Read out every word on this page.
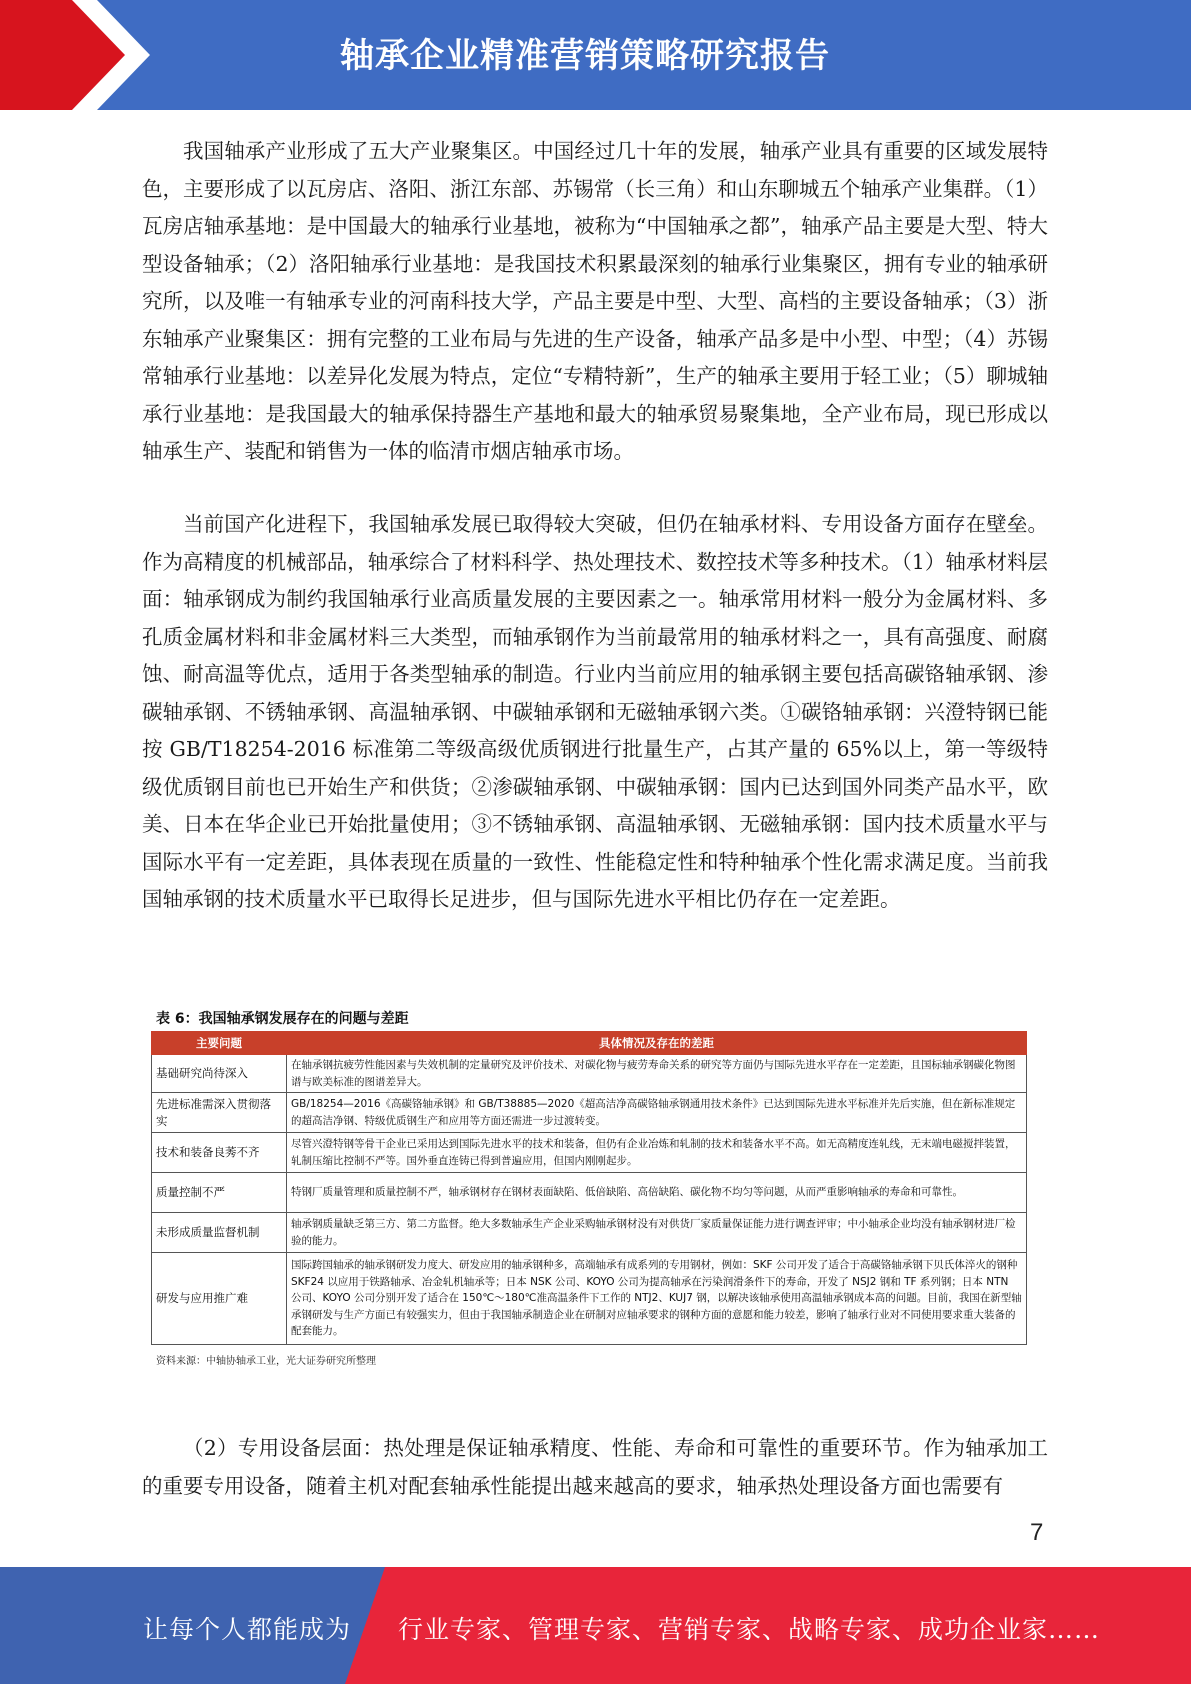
轴承企业精准营销策略研究报告

我国轴承产业形成了五大产业聚集区。中国经过几十年的发展，轴承产业具有重要的区域发展特色，主要形成了以瓦房店、洛阳、浙江东部、苏锡常（长三角）和山东聊城五个轴承产业集群。（1）瓦房店轴承基地：是中国最大的轴承行业基地，被称为“中国轴承之都”，轴承产品主要是大型、特大型设备轴承；（2）洛阳轴承行业基地：是我国技术积累最深刻的轴承行业集聚区，拥有专业的轴承研究所，以及唯一有轴承专业的河南科技大学，产品主要是中型、大型、高档的主要设备轴承；（3）浙东轴承产业聚集区：拥有完整的工业布局与先进的生产设备，轴承产品多是中小型、中型；（4）苏锡常轴承行业基地：以差异化发展为特点，定位“专精特新”，生产的轴承主要用于轻工业；（5）聊城轴承行业基地：是我国最大的轴承保持器生产基地和最大的轴承贸易聚集地，全产业布局，现已形成以轴承生产、装配和销售为一体的临清市烟店轴承市场。

当前国产化进程下，我国轴承发展已取得较大突破，但仍在轴承材料、专用设备方面存在壁垒。作为高精度的机械部品，轴承综合了材料科学、热处理技术、数控技术等多种技术。（1）轴承材料层面：轴承钢成为制约我国轴承行业高质量发展的主要因素之一。轴承常用材料一般分为金属材料、多孔质金属材料和非金属材料三大类型，而轴承钢作为当前最常用的轴承材料之一，具有高强度、耐腐蚀、耐高温等优点，适用于各类型轴承的制造。行业内当前应用的轴承钢主要包括高碳铬轴承钢、渗碳轴承钢、不锈轴承钢、高温轴承钢、中碳轴承钢和无磁轴承钢六类。①碳铬轴承钢：兴澄特钢已能按 GB/T18254-2016 标准第二等级高级优质钢进行批量生产，占其产量的 65%以上，第一等级特级优质钢目前也已开始生产和供货；②渗碳轴承钢、中碳轴承钢：国内已达到国外同类产品水平，欧美、日本在华企业已开始批量使用；③不锈轴承钢、高温轴承钢、无磁轴承钢：国内技术质量水平与国际水平有一定差距，具体表现在质量的一致性、性能稳定性和特种轴承个性化需求满足度。当前我国轴承钢的技术质量水平已取得长足进步，但与国际先进水平相比仍存在一定差距。

表 6：我国轴承钢发展存在的问题与差距
主要问题	具体情况及存在的差距
基础研究尚待深入	在轴承钢抗疲劳性能因素与失效机制的定量研究及评价技术、对碳化物与疲劳寿命关系的研究等方面仍与国际先进水平存在一定差距，且国标轴承钢碳化物图谱与欧美标准的图谱差异大。
先进标准需深入贯彻落实	GB/18254—2016《高碳铬轴承钢》和 GB/T38885—2020《超高洁净高碳铬轴承钢通用技术条件》已达到国际先进水平标准并先后实施，但在新标准规定的超高洁净钢、特级优质钢生产和应用等方面还需进一步过渡转变。
技术和装备良莠不齐	尽管兴澄特钢等骨干企业已采用达到国际先进水平的技术和装备，但仍有企业冶炼和轧制的技术和装备水平不高。如无高精度连轧线，无末端电磁搅拌装置，轧制压缩比控制不严等。国外垂直连铸已得到普遍应用，但国内刚刚起步。
质量控制不严	特钢厂质量管理和质量控制不严，轴承钢材存在钢材表面缺陷、低倍缺陷、高倍缺陷、碳化物不均匀等问题，从而严重影响轴承的寿命和可靠性。
未形成质量监督机制	轴承钢质量缺乏第三方、第二方监督。绝大多数轴承生产企业采购轴承钢材没有对供货厂家质量保证能力进行调查评审；中小轴承企业均没有轴承钢材进厂检验的能力。
研发与应用推广难	国际跨国轴承的轴承钢研发力度大、研发应用的轴承钢种多，高端轴承有成系列的专用钢材，例如：SKF 公司开发了适合于高碳铬轴承钢下贝氏体淬火的钢种 SKF24 以应用于铁路轴承、冶金轧机轴承等；日本 NSK 公司、KOYO 公司为提高轴承在污染润滑条件下的寿命，开发了 NSJ2 钢和 TF 系列钢；日本 NTN 公司、KOYO 公司分别开发了适合在 150℃～180℃准高温条件下工作的 NTJ2、KUJ7 钢，以解决该轴承使用高温轴承钢成本高的问题。目前，我国在新型轴承钢研发与生产方面已有较强实力，但由于我国轴承制造企业在研制对应轴承要求的钢种方面的意愿和能力较差，影响了轴承行业对不同使用要求重大装备的配套能力。
资料来源：中轴协轴承工业，光大证券研究所整理

（2）专用设备层面：热处理是保证轴承精度、性能、寿命和可靠性的重要环节。作为轴承加工的重要专用设备，随着主机对配套轴承性能提出越来越高的要求，轴承热处理设备方面也需要有

7
让每个人都能成为 行业专家、管理专家、营销专家、战略专家、成功企业家……
